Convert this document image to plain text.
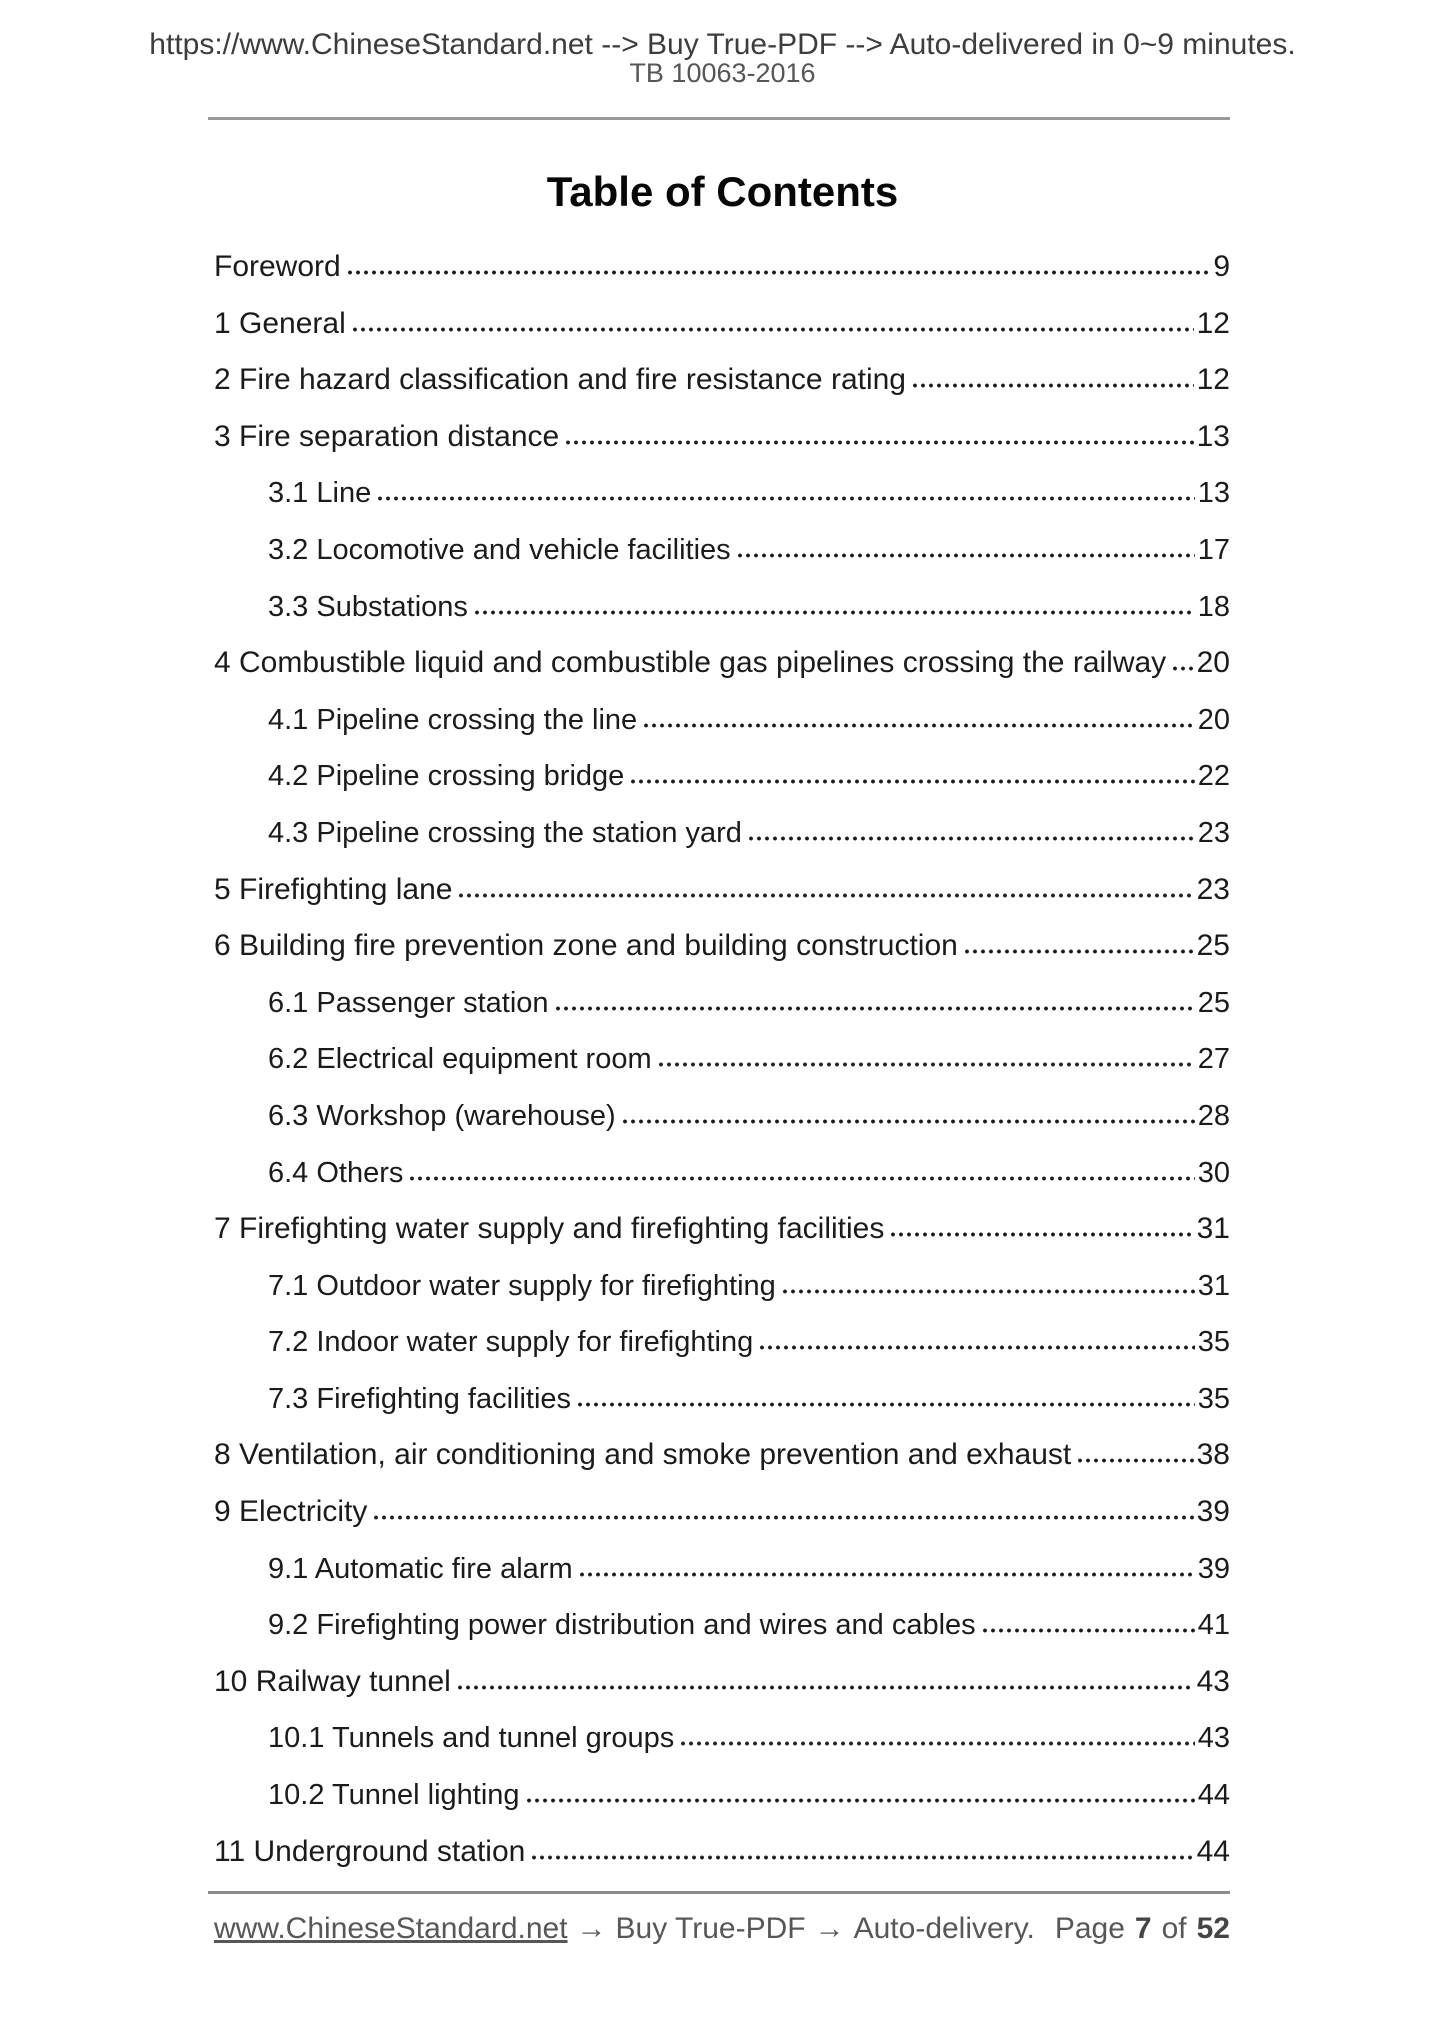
https://www.ChineseStandard.net --> Buy True-PDF --> Auto-delivered in 0~9 minutes.
TB 10063-2016
Table of Contents
Foreword	9
1 General	12
2 Fire hazard classification and fire resistance rating	12
3 Fire separation distance	13
3.1 Line	13
3.2 Locomotive and vehicle facilities	17
3.3 Substations	18
4 Combustible liquid and combustible gas pipelines crossing the railway 20
4.1 Pipeline crossing the line	20
4.2 Pipeline crossing bridge	22
4.3 Pipeline crossing the station yard	23
5 Firefighting lane	23
6 Building fire prevention zone and building construction	25
6.1 Passenger station	25
6.2 Electrical equipment room	27
6.3 Workshop (warehouse)	28
6.4 Others	30
7 Firefighting water supply and firefighting facilities	31
7.1 Outdoor water supply for firefighting	31
7.2 Indoor water supply for firefighting	35
7.3 Firefighting facilities	35
8 Ventilation, air conditioning and smoke prevention and exhaust	38
9 Electricity	39
9.1 Automatic fire alarm	39
9.2 Firefighting power distribution and wires and cables	41
10 Railway tunnel	43
10.1 Tunnels and tunnel groups	43
10.2 Tunnel lighting	44
11 Underground station	44
www.ChineseStandard.net → Buy True-PDF → Auto-delivery. Page 7 of 52
